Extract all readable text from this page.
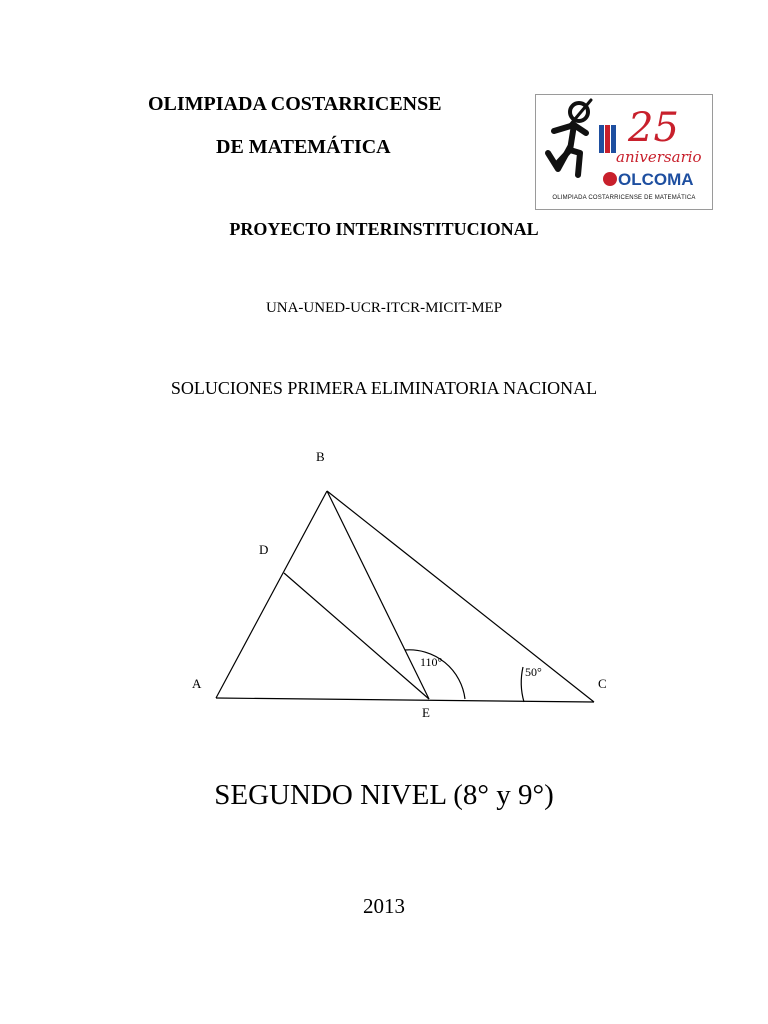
OLIMPIADA COSTARRICENSE
DE MATEMÁTICA	25
aniversario
OLCOMA
OLIMPIADA COSTARRICENSE DE MATEMÁTICA
PROYECTO INTERINSTITUCIONAL
UNA-UNED-UCR-ITCR-MICIT-MEP
SOLUCIONES PRIMERA ELIMINATORIA NACIONAL
B
D
A	C
E
110°
50°
SEGUNDO NIVEL (8° y 9°)
2013
